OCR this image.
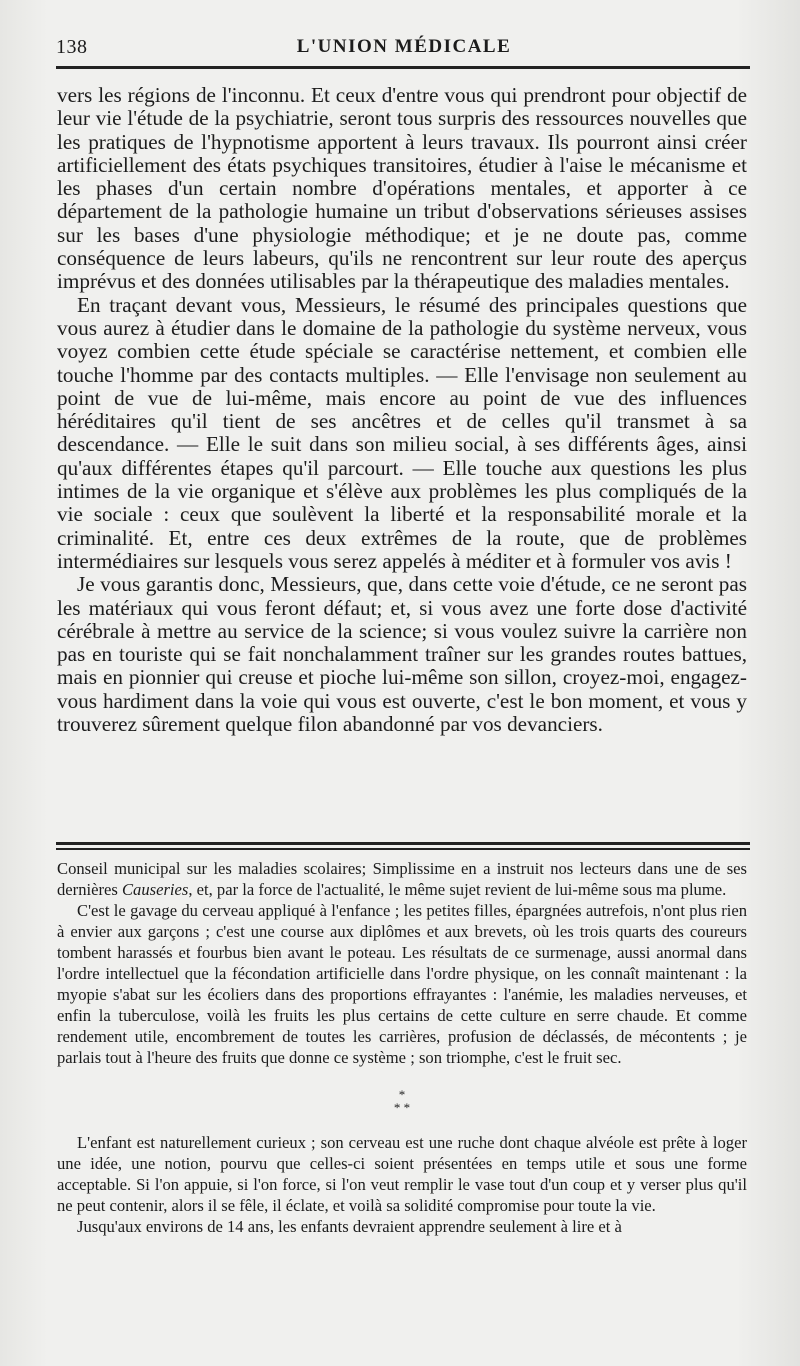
138	L'UNION MÉDICALE

vers les régions de l'inconnu. Et ceux d'entre vous qui prendront pour objectif de leur vie l'étude de la psychiatrie, seront tous surpris des ressources nouvelles que les pratiques de l'hypnotisme apportent à leurs travaux. Ils pourront ainsi créer artificiellement des états psychiques transitoires, étudier à l'aise le mécanisme et les phases d'un certain nombre d'opérations mentales, et apporter à ce département de la pathologie humaine un tribut d'observations sérieuses assises sur les bases d'une physiologie méthodique; et je ne doute pas, comme conséquence de leurs labeurs, qu'ils ne rencontrent sur leur route des aperçus imprévus et des données utilisables par la thérapeutique des maladies mentales.

En traçant devant vous, Messieurs, le résumé des principales questions que vous aurez à étudier dans le domaine de la pathologie du système nerveux, vous voyez combien cette étude spéciale se caractérise nettement, et combien elle touche l'homme par des contacts multiples. — Elle l'envisage non seulement au point de vue de lui-même, mais encore au point de vue des influences héréditaires qu'il tient de ses ancêtres et de celles qu'il transmet à sa descendance. — Elle le suit dans son milieu social, à ses différents âges, ainsi qu'aux différentes étapes qu'il parcourt. — Elle touche aux questions les plus intimes de la vie organique et s'élève aux problèmes les plus compliqués de la vie sociale : ceux que soulèvent la liberté et la responsabilité morale et la criminalité. Et, entre ces deux extrêmes de la route, que de problèmes intermédiaires sur lesquels vous serez appelés à méditer et à formuler vos avis !

Je vous garantis donc, Messieurs, que, dans cette voie d'étude, ce ne seront pas les matériaux qui vous feront défaut; et, si vous avez une forte dose d'activité cérébrale à mettre au service de la science; si vous voulez suivre la carrière non pas en touriste qui se fait nonchalamment traîner sur les grandes routes battues, mais en pionnier qui creuse et pioche lui-même son sillon, croyez-moi, engagez-vous hardiment dans la voie qui vous est ouverte, c'est le bon moment, et vous y trouverez sûrement quelque filon abandonné par vos devanciers.

Conseil municipal sur les maladies scolaires; Simplissime en a instruit nos lecteurs dans une de ses dernières Causeries, et, par la force de l'actualité, le même sujet revient de lui-même sous ma plume.

C'est le gavage du cerveau appliqué à l'enfance ; les petites filles, épargnées autrefois, n'ont plus rien à envier aux garçons ; c'est une course aux diplômes et aux brevets, où les trois quarts des coureurs tombent harassés et fourbus bien avant le poteau. Les résultats de ce surmenage, aussi anormal dans l'ordre intellectuel que la fécondation artificielle dans l'ordre physique, on les connaît maintenant : la myopie s'abat sur les écoliers dans des proportions effrayantes : l'anémie, les maladies nerveuses, et enfin la tuberculose, voilà les fruits les plus certains de cette culture en serre chaude. Et comme rendement utile, encombrement de toutes les carrières, profusion de déclassés, de mécontents ; je parlais tout à l'heure des fruits que donne ce système ; son triomphe, c'est le fruit sec.

*
* *

L'enfant est naturellement curieux ; son cerveau est une ruche dont chaque alvéole est prête à loger une idée, une notion, pourvu que celles-ci soient présentées en temps utile et sous une forme acceptable. Si l'on appuie, si l'on force, si l'on veut remplir le vase tout d'un coup et y verser plus qu'il ne peut contenir, alors il se fêle, il éclate, et voilà sa solidité compromise pour toute la vie.

Jusqu'aux environs de 14 ans, les enfants devraient apprendre seulement à lire et à
